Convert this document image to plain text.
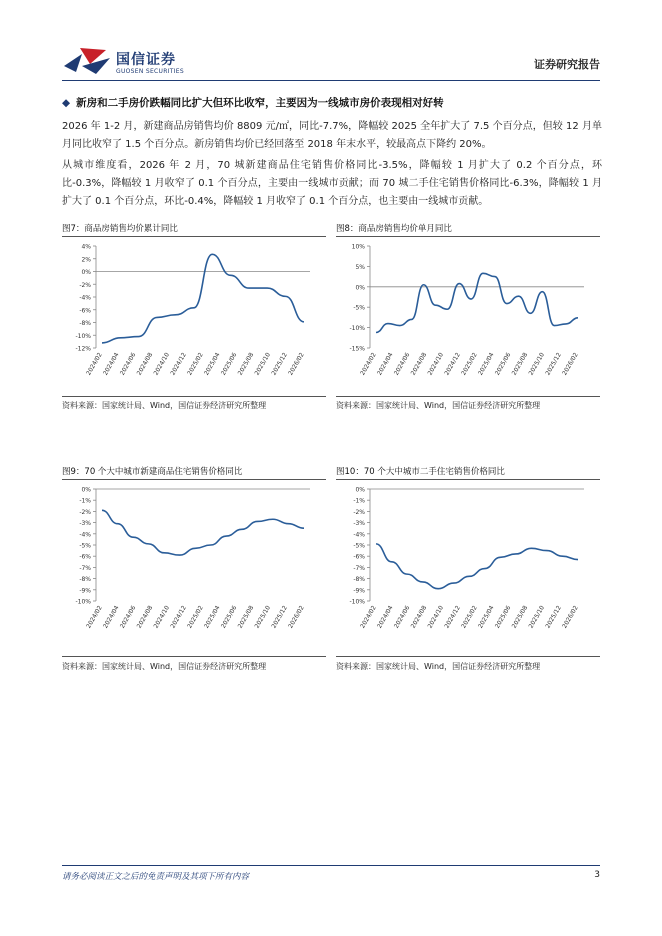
国信证券
GUOSEN SECURITIES
证券研究报告
◆ 新房和二手房价跌幅同比扩大但环比收窄，主要因为一线城市房价表现相对好转
2026 年 1-2 月，新建商品房销售均价 8809 元/㎡，同比-7.7%，降幅较 2025 全年扩大了 7.5 个百分点，但较 12 月单月同比收窄了 1.5 个百分点。新房销售均价已经回落至 2018 年末水平，较最高点下降约 20%。
从城市维度看，2026 年 2 月，70 城新建商品住宅销售价格同比-3.5%，降幅较 1 月扩大了 0.2 个百分点，环比-0.3%，降幅较 1 月收窄了 0.1 个百分点，主要由一线城市贡献；而 70 城二手住宅销售价格同比-6.3%，降幅较 1 月扩大了 0.1 个百分点，环比-0.4%，降幅较 1 月收窄了 0.1 个百分点，也主要由一线城市贡献。
图7：商品房销售均价累计同比
4%
2%
0%
-2%
-4%
-6%
-8%
-10%
-12%
2024/02
2024/04
2024/06
2024/08
2024/10
2024/12
2025/02
2025/04
2025/06
2025/08
2025/10
2025/12
2026/02
资料来源：国家统计局、Wind，国信证券经济研究所整理
图8：商品房销售均价单月同比
10%
5%
0%
-5%
-10%
-15%
2024/02
2024/04
2024/06
2024/08
2024/10
2024/12
2025/02
2025/04
2025/06
2025/08
2025/10
2025/12
2026/02
资料来源：国家统计局、Wind，国信证券经济研究所整理
图9：70 个大中城市新建商品住宅销售价格同比
0%
-1%
-2%
-3%
-4%
-5%
-6%
-7%
-8%
-9%
-10%
2024/02
2024/04
2024/06
2024/08
2024/10
2024/12
2025/02
2025/04
2025/06
2025/08
2025/10
2025/12
2026/02
资料来源：国家统计局、Wind，国信证券经济研究所整理
图10：70 个大中城市二手住宅销售价格同比
0%
-1%
-2%
-3%
-4%
-5%
-6%
-7%
-8%
-9%
-10%
2024/02
2024/04
2024/06
2024/08
2024/10
2024/12
2025/02
2025/04
2025/06
2025/08
2025/10
2025/12
2026/02
资料来源：国家统计局、Wind，国信证券经济研究所整理
请务必阅读正文之后的免责声明及其项下所有内容	3
